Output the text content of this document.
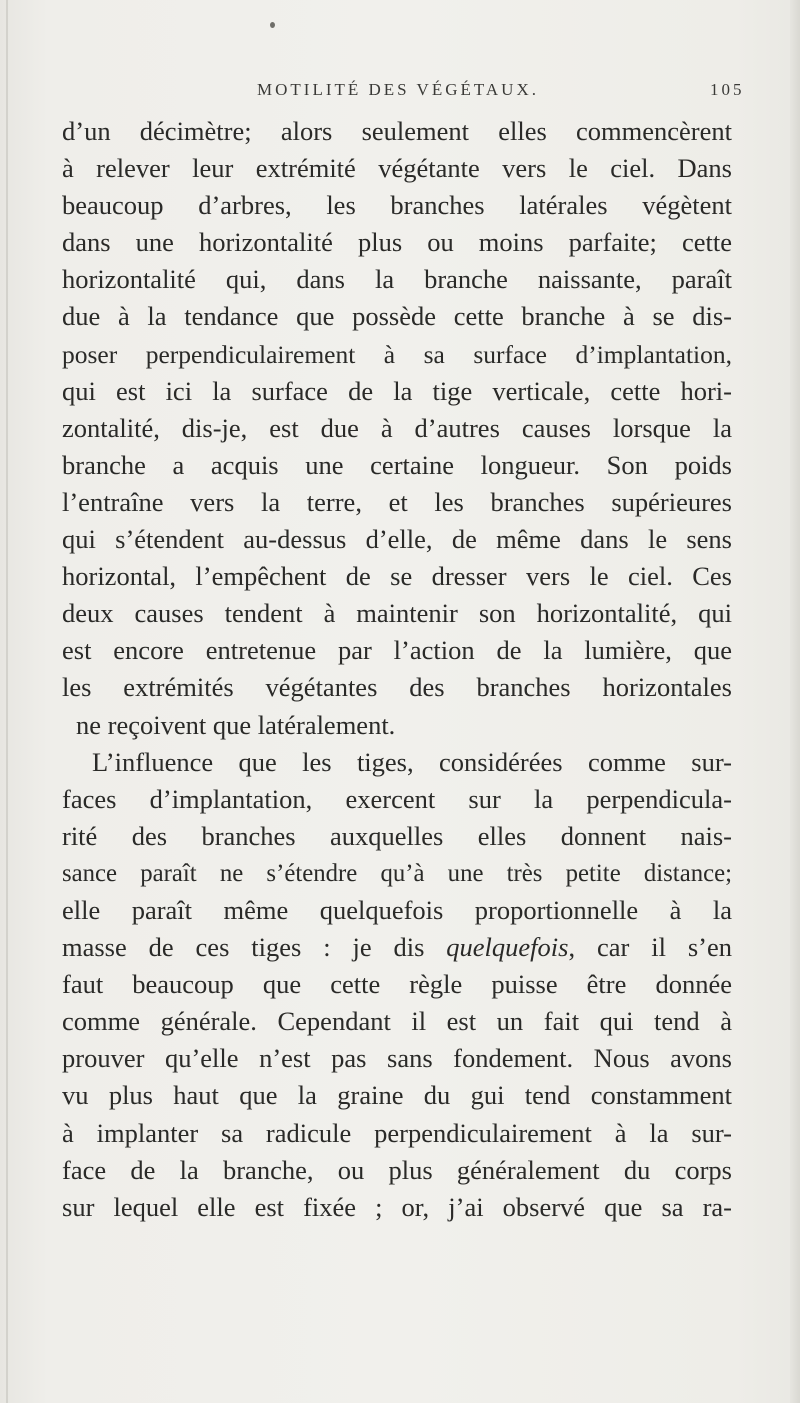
MOTILITÉ DES VÉGÉTAUX.	105
d’un décimètre; alors seulement elles commencèrent
à relever leur extrémité végétante vers le ciel. Dans
beaucoup d’arbres, les branches latérales végètent
dans une horizontalité plus ou moins parfaite; cette
horizontalité qui, dans la branche naissante, paraît
due à la tendance que possède cette branche à se dis-
poser perpendiculairement à sa surface d’implantation,
qui est ici la surface de la tige verticale, cette hori-
zontalité, dis-je, est due à d’autres causes lorsque la
branche a acquis une certaine longueur. Son poids
l’entraîne vers la terre, et les branches supérieures
qui s’étendent au-dessus d’elle, de même dans le sens
horizontal, l’empêchent de se dresser vers le ciel. Ces
deux causes tendent à maintenir son horizontalité, qui
est encore entretenue par l’action de la lumière, que
les extrémités végétantes des branches horizontales
ne reçoivent que latéralement.
L’influence que les tiges, considérées comme sur-
faces d’implantation, exercent sur la perpendicula-
rité des branches auxquelles elles donnent nais-
sance paraît ne s’étendre qu’à une très petite distance;
elle paraît même quelquefois proportionnelle à la
masse de ces tiges : je dis quelquefois, car il s’en
faut beaucoup que cette règle puisse être donnée
comme générale. Cependant il est un fait qui tend à
prouver qu’elle n’est pas sans fondement. Nous avons
vu plus haut que la graine du gui tend constamment
à implanter sa radicule perpendiculairement à la sur-
face de la branche, ou plus généralement du corps
sur lequel elle est fixée ; or, j’ai observé que sa ra-
